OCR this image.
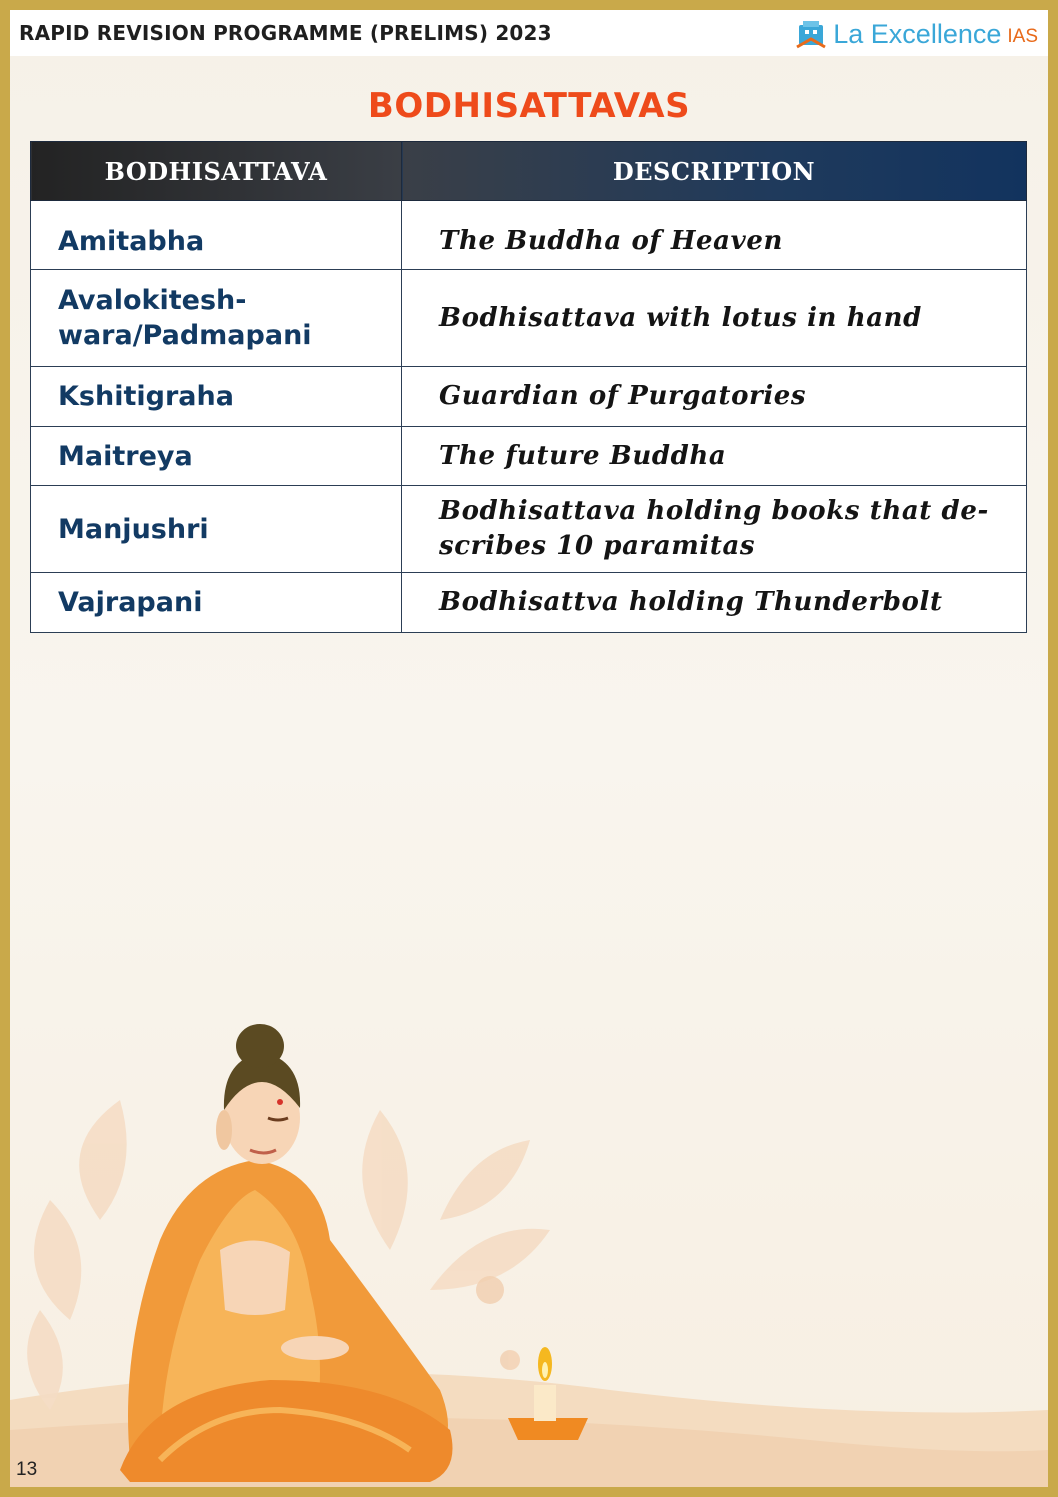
RAPID REVISION PROGRAMME (PRELIMS) 2023	La Excellence IAS
BODHISATTAVAS
BODHISATTAVA	DESCRIPTION
Amitabha	The Buddha of Heaven

Avalokitesh-wara/Padmapani	Bodhisattava with lotus in hand
Kshitigraha	Guardian of Purgatories
Maitreya	The future Buddha
Manjushri	Bodhisattava holding books that de-scribes 10 paramitas
Vajrapani	Bodhisattva holding Thunderbolt
13
